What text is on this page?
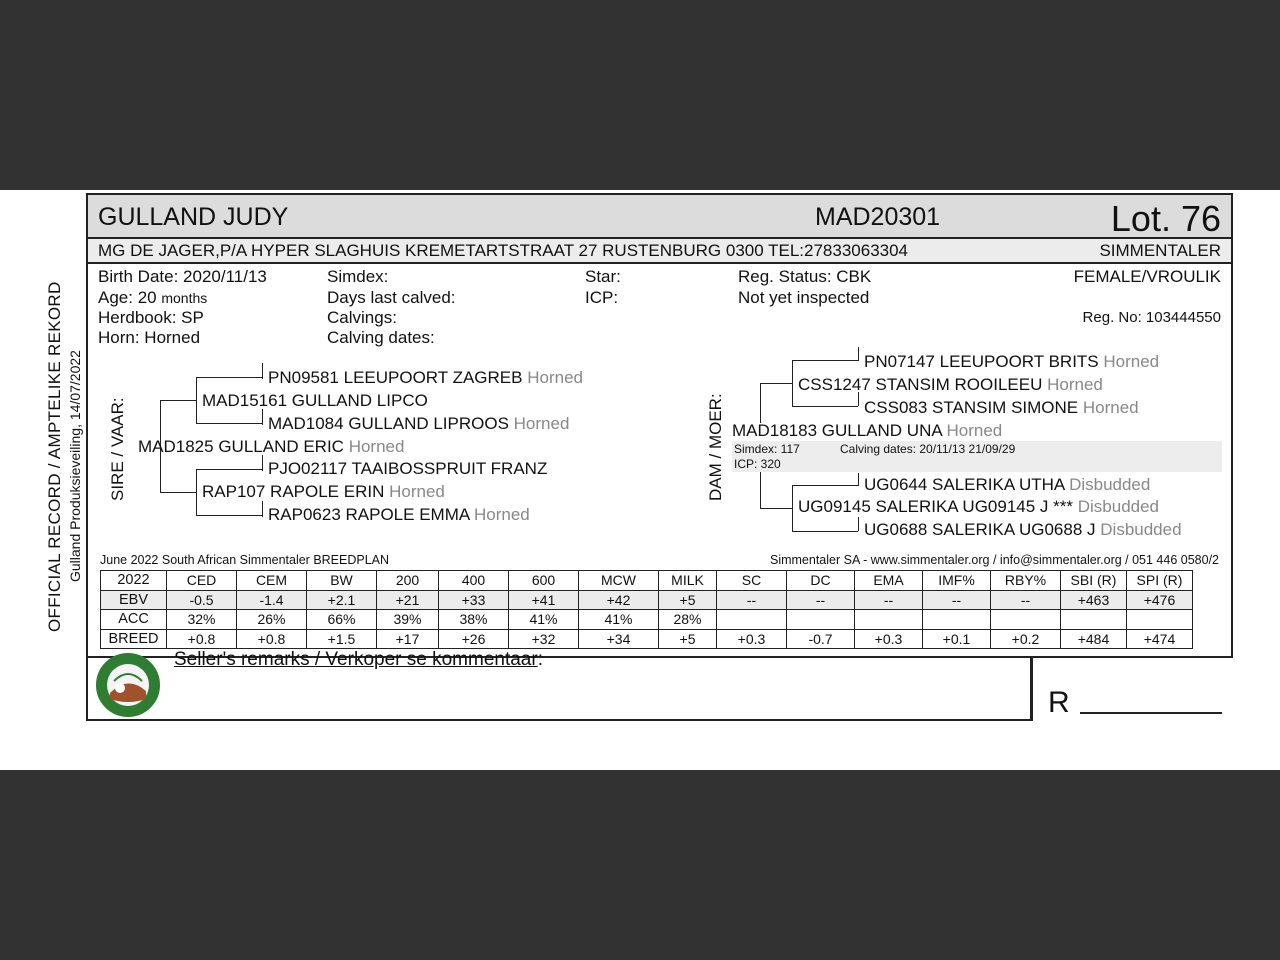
OFFICIAL RECORD / AMPTELIKE REKORD Gulland Produksieveiling, 14/07/2022
GULLAND JUDY	MAD20301	Lot. 76
MG DE JAGER,P/A HYPER SLAGHUIS KREMETARTSTRAAT 27 RUSTENBURG 0300 TEL:27833063304	SIMMENTALER
Birth Date: 2020/11/13
Age: 20 months
Herdbook: SP
Horn: Horned
Simdex:
Days last calved:
Calvings:
Calving dates:
Star:
ICP:
Reg. Status: CBK
Not yet inspected
FEMALE/VROULIK
Reg. No: 103444550
SIRE / VAAR:
PN09581 LEEUPOORT ZAGREB Horned
MAD15161 GULLAND LIPCO
MAD1084 GULLAND LIPROOS Horned
MAD1825 GULLAND ERIC Horned
PJO02117 TAAIBOSSPRUIT FRANZ
RAP107 RAPOLE ERIN Horned
RAP0623 RAPOLE EMMA Horned
DAM / MOER: Simdex: 117	Calving dates: 20/11/13 21/09/29
ICP: 320
PN07147 LEEUPOORT BRITS Horned
CSS1247 STANSIM ROOILEEU Horned
CSS083 STANSIM SIMONE Horned
MAD18183 GULLAND UNA Horned
UG0644 SALERIKA UTHA Disbudded
UG09145 SALERIKA UG09145 J *** Disbudded
UG0688 SALERIKA UG0688 J Disbudded
June 2022 South African Simmentaler BREEDPLAN	Simmentaler SA - www.simmentaler.org / info@simmentaler.org / 051 446 0580/2
2022	CED	CEM	BW	200	400	600	MCW	MILK	SC	DC	EMA	IMF%	RBY%	SBI (R)	SPI (R)
EBV	-0.5	-1.4	+2.1	+21	+33	+41	+42	+5	--	--	--	--	--	+463	+476
ACC	32%	26%	66%	39%	38%	41%	41%	28%							
BREED	+0.8	+0.8	+1.5	+17	+26	+32	+34	+5	+0.3	-0.7	+0.3	+0.1	+0.2	+484	+474
Seller's remarks / Verkoper se kommentaar:
R
